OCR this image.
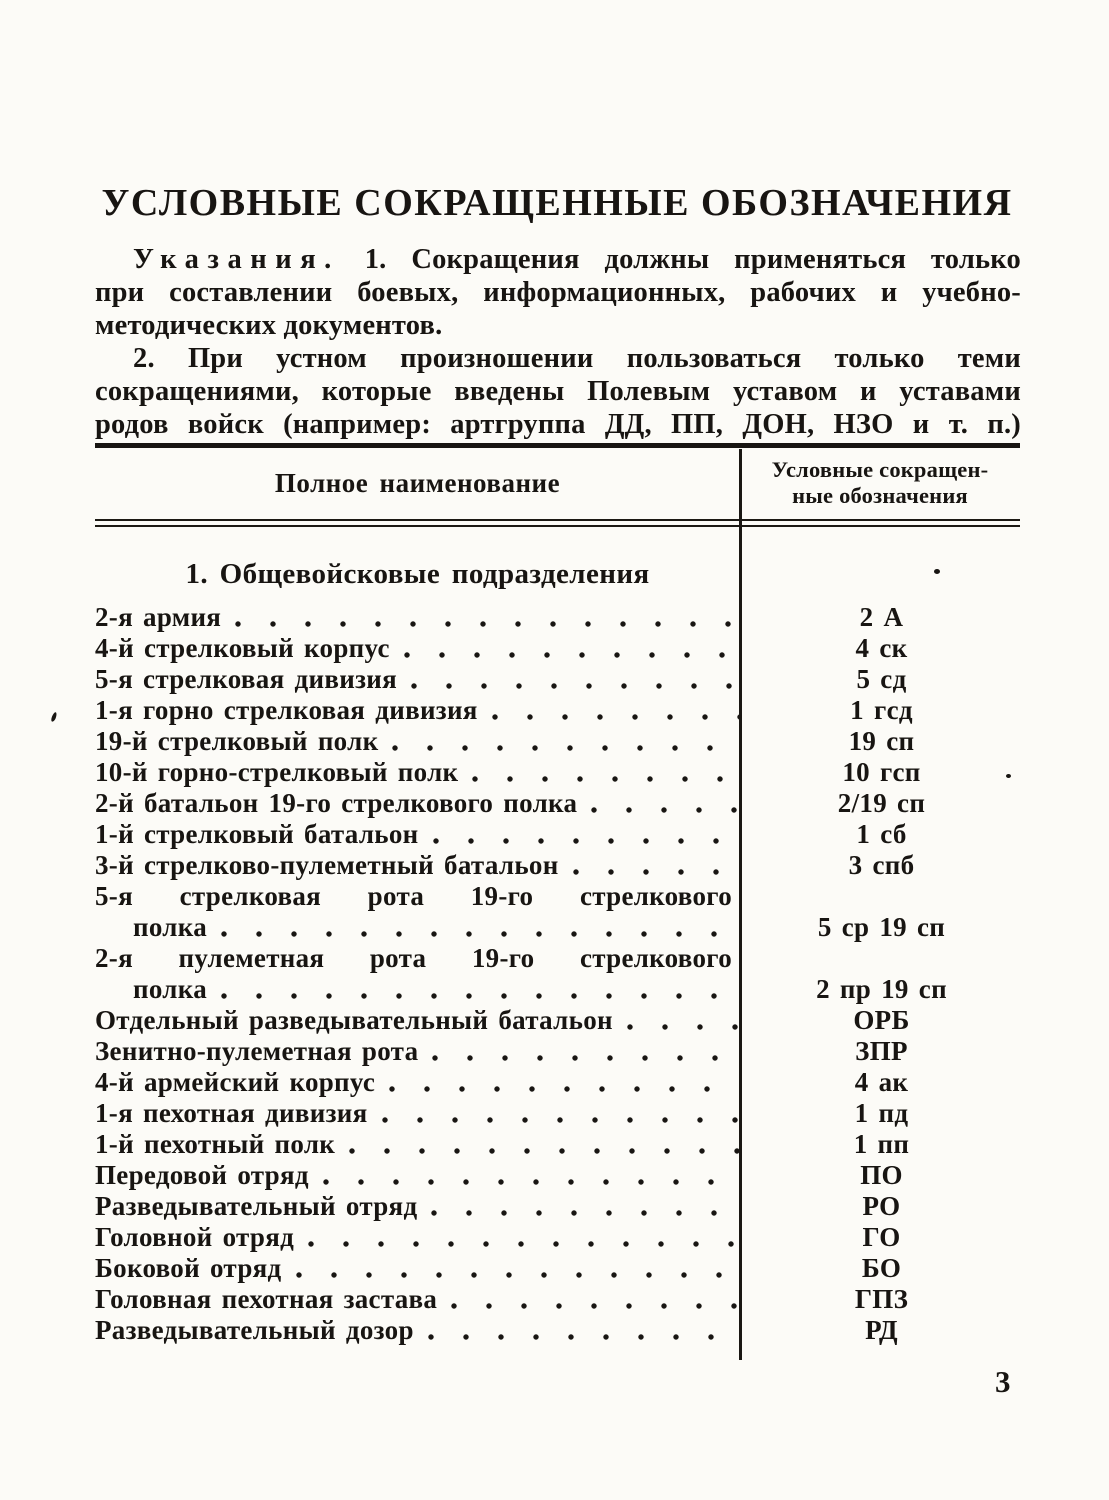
УСЛОВНЫЕ СОКРАЩЕННЫЕ ОБОЗНАЧЕНИЯ
Указания. 1. Сокращения должны применяться только
при составлении боевых, информационных, рабочих и учебно-
методических документов.
2. При устном произношении пользоваться только теми
сокращениями, которые введены Полевым уставом и уставами
родов войск (например: артгруппа ДД, ПП, ДОН, НЗО и т. п.)
Полное наименование	Условные сокращен-
ные обозначения
1. Общевойсковые подразделения
2-я армия	2 А
4-й стрелковый корпус	4 ск
5-я стрелковая дивизия	5 сд
1-я горно стрелковая дивизия	1 гсд
19-й стрелковый полк	19 сп
10-й горно-стрелковый полк	10 гсп
2-й батальон 19-го стрелкового полка	2/19 сп
1-й стрелковый батальон	1 сб
3-й стрелково-пулеметный батальон	3 спб
5-я стрелковая рота 19-го стрелкового
полка	5 ср 19 сп
2-я пулеметная рота 19-го стрелкового
полка	2 пр 19 сп
Отдельный разведывательный батальон	ОРБ
Зенитно-пулеметная рота	ЗПР
4-й армейский корпус	4 ак
1-я пехотная дивизия	1 пд
1-й пехотный полк	1 пп
Передовой отряд	ПО
Разведывательный отряд	РО
Головной отряд	ГО
Боковой отряд	БО
Головная пехотная застава	ГПЗ
Разведывательный дозор	РД
3
